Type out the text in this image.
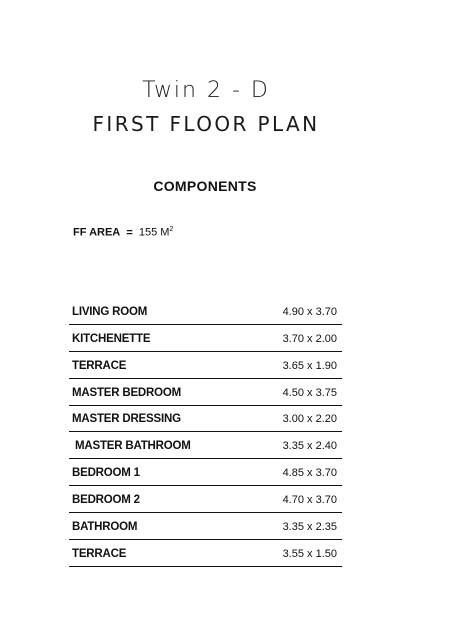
Twin 2 - D
FIRST FLOOR PLAN
COMPONENTS
FF AREA = 155 $M^2$
LIVING ROOM	4.90 x 3.70
KITCHENETTE	3.70 x 2.00
TERRACE	3.65 x 1.90
MASTER BEDROOM	4.50 x 3.75
MASTER DRESSING	3.00 x 2.20
MASTER BATHROOM	3.35 x 2.40
BEDROOM 1	4.85 x 3.70
BEDROOM 2	4.70 x 3.70
BATHROOM	3.35 x 2.35
TERRACE	3.55 x 1.50
